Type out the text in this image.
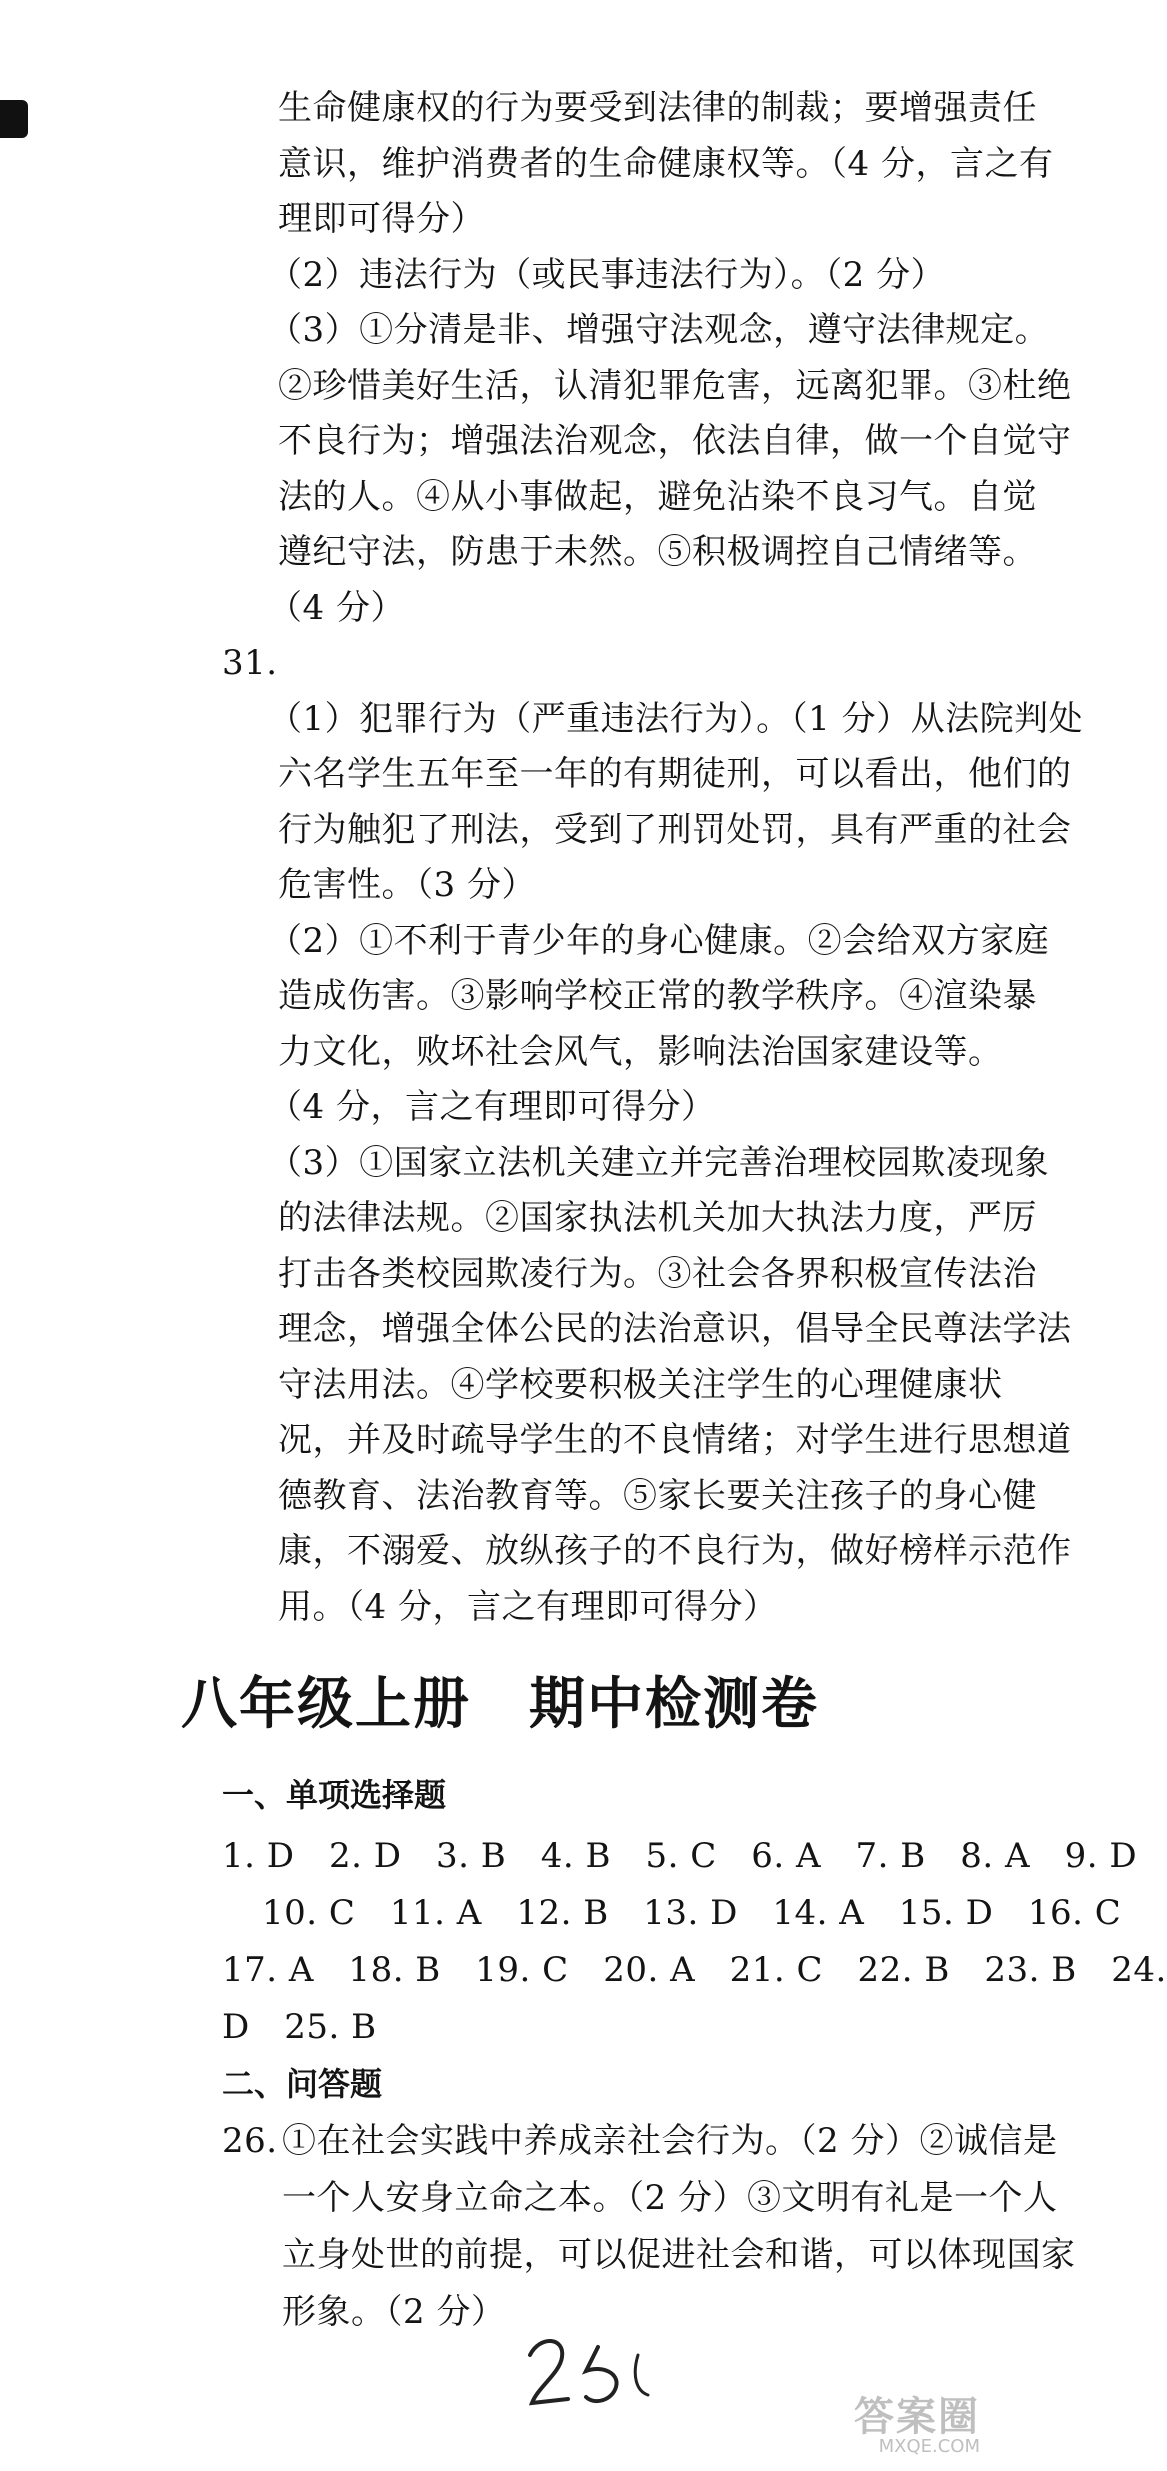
生命健康权的行为要受到法律的制裁；要增强责任
意识，维护消费者的生命健康权等。（4 分，言之有
理即可得分）
（2）违法行为（或民事违法行为）。（2 分）
（3）①分清是非、增强守法观念，遵守法律规定。
②珍惜美好生活，认清犯罪危害，远离犯罪。③杜绝
不良行为；增强法治观念，依法自律，做一个自觉守
法的人。④从小事做起，避免沾染不良习气。自觉
遵纪守法，防患于未然。⑤积极调控自己情绪等。
（4 分）
31.
（1）犯罪行为（严重违法行为）。（1 分）从法院判处
六名学生五年至一年的有期徒刑，可以看出，他们的
行为触犯了刑法，受到了刑罚处罚，具有严重的社会
危害性。（3 分）
（2）①不利于青少年的身心健康。②会给双方家庭
造成伤害。③影响学校正常的教学秩序。④渲染暴
力文化，败坏社会风气，影响法治国家建设等。
（4 分，言之有理即可得分）
（3）①国家立法机关建立并完善治理校园欺凌现象
的法律法规。②国家执法机关加大执法力度，严厉
打击各类校园欺凌行为。③社会各界积极宣传法治
理念，增强全体公民的法治意识，倡导全民尊法学法
守法用法。④学校要积极关注学生的心理健康状
况，并及时疏导学生的不良情绪；对学生进行思想道
德教育、法治教育等。⑤家长要关注孩子的身心健
康，不溺爱、放纵孩子的不良行为，做好榜样示范作
用。（4 分，言之有理即可得分）
八年级上册　期中检测卷
一、单项选择题
1. D　2. D　3. B　4. B　5. C　6. A　7. B　8. A　9. D
10. C　11. A　12. B　13. D　14. A　15. D　16. C
17. A　18. B　19. C　20. A　21. C　22. B　23. B　24.
D　25. B
二、问答题
26. ①在社会实践中养成亲社会行为。（2 分）②诚信是
一个人安身立命之本。（2 分）③文明有礼是一个人
立身处世的前提，可以促进社会和谐，可以体现国家
形象。（2 分）
答案圈
MXQE.COM
